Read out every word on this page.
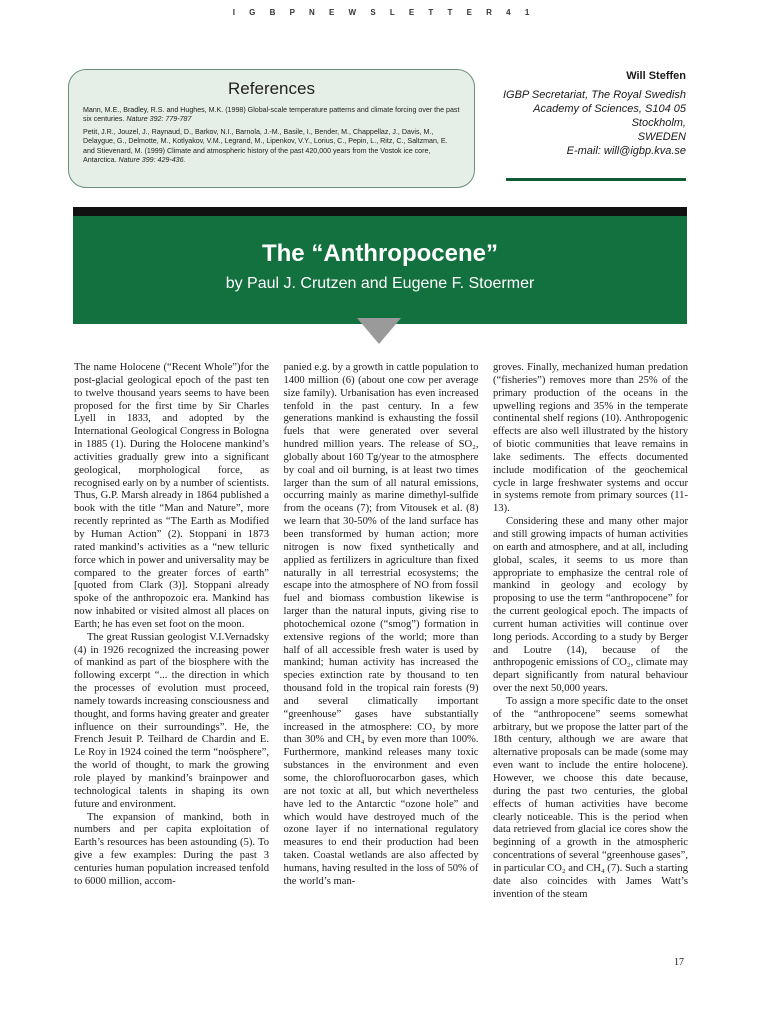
I G B P N E W S L E T T E R 4 1
References
Mann, M.E., Bradley, R.S. and Hughes, M.K. (1998) Global-scale temperature patterns and climate forcing over the past six centuries. Nature 392: 779-787
Petit, J.R., Jouzel, J., Raynaud, D., Barkov, N.I., Barnola, J.-M., Basile, I., Bender, M., Chappellaz, J., Davis, M., Delaygue, G., Delmotte, M., Kotlyakov, V.M., Legrand, M., Lipenkov, V.Y., Lorius, C., Pepin, L., Ritz, C., Saltzman, E. and Stievenard, M. (1999) Climate and atmospheric history of the past 420,000 years from the Vostok ice core, Antarctica. Nature 399: 429-436.
Will Steffen
IGBP Secretariat, The Royal Swedish
Academy of Sciences, S104 05
Stockholm,
SWEDEN
E-mail: will@igbp.kva.se
The “Anthropocene”
by Paul J. Crutzen and Eugene F. Stoermer

The name Holocene (“Recent Whole”)for the post-glacial geological epoch of the past ten to twelve thousand years seems to have been proposed for the first time by Sir Charles Lyell in 1833, and adopted by the International Geological Congress in Bologna in 1885 (1). During the Holocene mankind’s activities gradually grew into a significant geological, morphological force, as recognised early on by a number of scientists. Thus, G.P. Marsh already in 1864 published a book with the title “Man and Nature”, more recently reprinted as “The Earth as Modified by Human Action” (2). Stoppani in 1873 rated mankind’s activities as a “new telluric force which in power and universality may be compared to the greater forces of earth” [quoted from Clark (3)]. Stoppani already spoke of the anthropozoic era. Mankind has now inhabited or visited almost all places on Earth; he has even set foot on the moon.

The great Russian geologist V.I.Vernadsky (4) in 1926 recognized the increasing power of mankind as part of the biosphere with the following excerpt “... the direction in which the processes of evolution must proceed, namely towards increasing consciousness and thought, and forms having greater and greater influence on their surroundings”. He, the French Jesuit P. Teilhard de Chardin and E. Le Roy in 1924 coined the term “noösphere”, the world of thought, to mark the growing role played by mankind’s brainpower and technological talents in shaping its own future and environment.

The expansion of mankind, both in numbers and per capita exploitation of Earth’s resources has been astounding (5). To give a few examples: During the past 3 centuries human population increased tenfold to 6000 million, accom-

panied e.g. by a growth in cattle population to 1400 million (6) (about one cow per average size family). Urbanisation has even increased tenfold in the past century. In a few generations mankind is exhausting the fossil fuels that were generated over several hundred million years. The release of SO₂, globally about 160 Tg/year to the atmosphere by coal and oil burning, is at least two times larger than the sum of all natural emissions, occurring mainly as marine dimethyl-sulfide from the oceans (7); from Vitousek et al. (8) we learn that 30-50% of the land surface has been transformed by human action; more nitrogen is now fixed synthetically and applied as fertilizers in agriculture than fixed naturally in all terrestrial ecosystems; the escape into the atmosphere of NO from fossil fuel and biomass combustion likewise is larger than the natural inputs, giving rise to photochemical ozone (“smog”) formation in extensive regions of the world; more than half of all accessible fresh water is used by mankind; human activity has increased the species extinction rate by thousand to ten thousand fold in the tropical rain forests (9) and several climatically important “greenhouse” gases have substantially increased in the atmosphere: CO₂ by more than 30% and CH₄ by even more than 100%. Furthermore, mankind releases many toxic substances in the environment and even some, the chlorofluorocarbon gases, which are not toxic at all, but which nevertheless have led to the Antarctic “ozone hole” and which would have destroyed much of the ozone layer if no international regulatory measures to end their production had been taken. Coastal wetlands are also affected by humans, having resulted in the loss of 50% of the world’s man-

groves. Finally, mechanized human predation (“fisheries”) removes more than 25% of the primary production of the oceans in the upwelling regions and 35% in the temperate continental shelf regions (10). Anthropogenic effects are also well illustrated by the history of biotic communities that leave remains in lake sediments. The effects documented include modification of the geochemical cycle in large freshwater systems and occur in systems remote from primary sources (11-13).

Considering these and many other major and still growing impacts of human activities on earth and atmosphere, and at all, including global, scales, it seems to us more than appropriate to emphasize the central role of mankind in geology and ecology by proposing to use the term “anthropocene” for the current geological epoch. The impacts of current human activities will continue over long periods. According to a study by Berger and Loutre (14), because of the anthropogenic emissions of CO₂, climate may depart significantly from natural behaviour over the next 50,000 years.

To assign a more specific date to the onset of the “anthropocene” seems somewhat arbitrary, but we propose the latter part of the 18th century, although we are aware that alternative proposals can be made (some may even want to include the entire holocene). However, we choose this date because, during the past two centuries, the global effects of human activities have become clearly noticeable. This is the period when data retrieved from glacial ice cores show the beginning of a growth in the atmospheric concentrations of several “greenhouse gases”, in particular CO₂ and CH₄ (7). Such a starting date also coincides with James Watt’s invention of the steam

17
